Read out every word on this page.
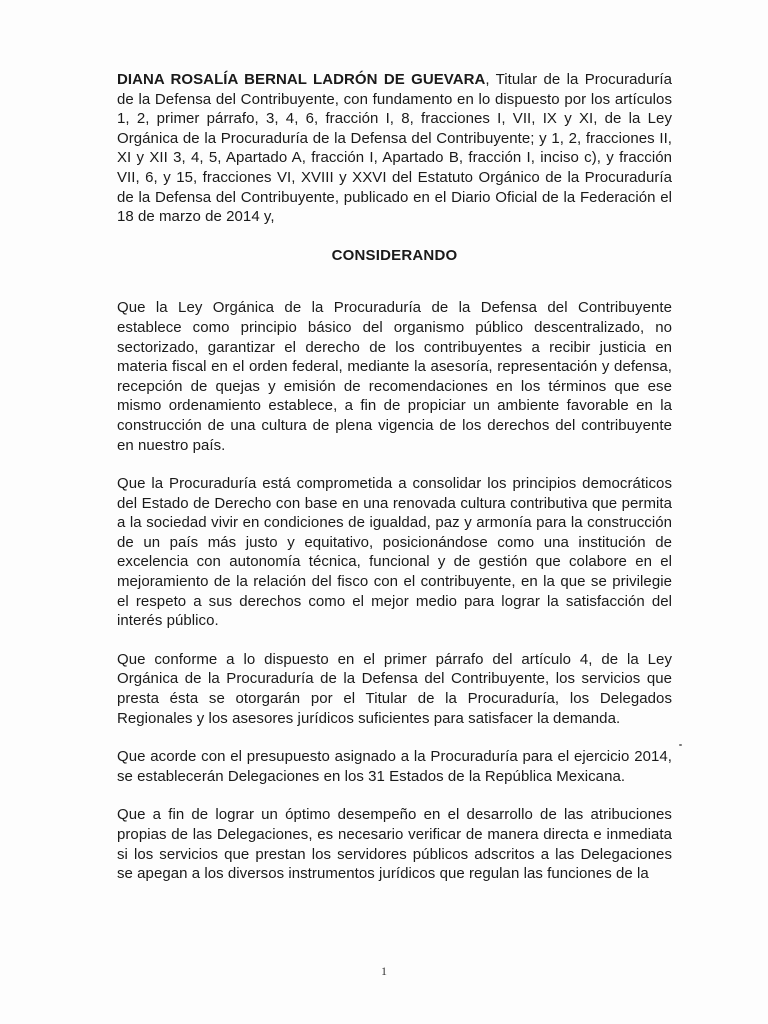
DIANA ROSALÍA BERNAL LADRÓN DE GUEVARA, Titular de la Procuraduría de la Defensa del Contribuyente, con fundamento en lo dispuesto por los artículos 1, 2, primer párrafo, 3, 4, 6, fracción I, 8, fracciones I, VII, IX y XI, de la Ley Orgánica de la Procuraduría de la Defensa del Contribuyente; y 1, 2, fracciones II, XI y XII 3, 4, 5, Apartado A, fracción I, Apartado B, fracción I, inciso c), y fracción VII, 6, y 15, fracciones VI, XVIII y XXVI del Estatuto Orgánico de la Procuraduría de la Defensa del Contribuyente, publicado en el Diario Oficial de la Federación el 18 de marzo de 2014 y,

CONSIDERANDO

Que la Ley Orgánica de la Procuraduría de la Defensa del Contribuyente establece como principio básico del organismo público descentralizado, no sectorizado, garantizar el derecho de los contribuyentes a recibir justicia en materia fiscal en el orden federal, mediante la asesoría, representación y defensa, recepción de quejas y emisión de recomendaciones en los términos que ese mismo ordenamiento establece, a fin de propiciar un ambiente favorable en la construcción de una cultura de plena vigencia de los derechos del contribuyente en nuestro país.

Que la Procuraduría está comprometida a consolidar los principios democráticos del Estado de Derecho con base en una renovada cultura contributiva que permita a la sociedad vivir en condiciones de igualdad, paz y armonía para la construcción de un país más justo y equitativo, posicionándose como una institución de excelencia con autonomía técnica, funcional y de gestión que colabore en el mejoramiento de la relación del fisco con el contribuyente, en la que se privilegie el respeto a sus derechos como el mejor medio para lograr la satisfacción del interés público.

Que conforme a lo dispuesto en el primer párrafo del artículo 4, de la Ley Orgánica de la Procuraduría de la Defensa del Contribuyente, los servicios que presta ésta se otorgarán por el Titular de la Procuraduría, los Delegados Regionales y los asesores jurídicos suficientes para satisfacer la demanda.

Que acorde con el presupuesto asignado a la Procuraduría para el ejercicio 2014, se establecerán Delegaciones en los 31 Estados de la República Mexicana.

Que a fin de lograr un óptimo desempeño en el desarrollo de las atribuciones propias de las Delegaciones, es necesario verificar de manera directa e inmediata si los servicios que prestan los servidores públicos adscritos a las Delegaciones se apegan a los diversos instrumentos jurídicos que regulan las funciones de la

1
